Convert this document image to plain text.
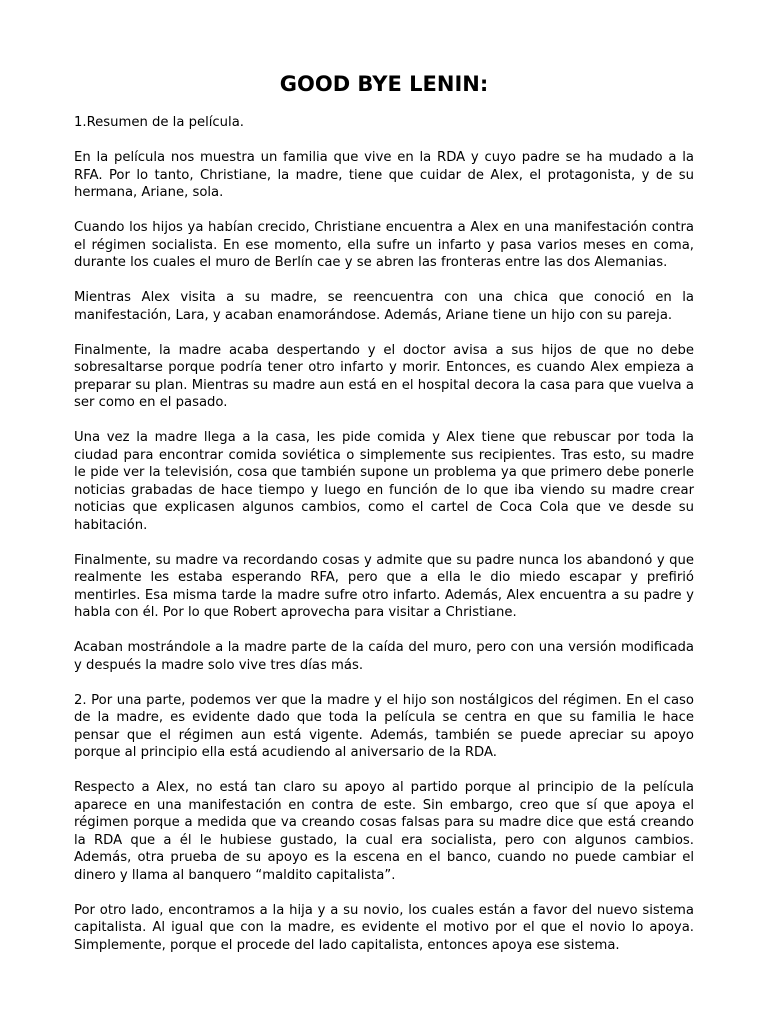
GOOD BYE LENIN:

1.Resumen de la película.

En la película nos muestra un familia que vive en la RDA y cuyo padre se ha mudado a la RFA. Por lo tanto, Christiane, la madre, tiene que cuidar de Alex, el protagonista, y de su hermana, Ariane, sola.

Cuando los hijos ya habían crecido, Christiane encuentra a Alex en una manifestación contra el régimen socialista. En ese momento, ella sufre un infarto y pasa varios meses en coma, durante los cuales el muro de Berlín cae y se abren las fronteras entre las dos Alemanias.

Mientras Alex visita a su madre, se reencuentra con una chica que conoció en la manifestación, Lara, y acaban enamorándose. Además, Ariane tiene un hijo con su pareja.

Finalmente, la madre acaba despertando y el doctor avisa a sus hijos de que no debe sobresaltarse porque podría tener otro infarto y morir. Entonces, es cuando Alex empieza a preparar su plan. Mientras su madre aun está en el hospital decora la casa para que vuelva a ser como en el pasado.

Una vez la madre llega a la casa, les pide comida y Alex tiene que rebuscar por toda la ciudad para encontrar comida soviética o simplemente sus recipientes. Tras esto, su madre le pide ver la televisión, cosa que también supone un problema ya que primero debe ponerle noticias grabadas de hace tiempo y luego en función de lo que iba viendo su madre crear noticias que explicasen algunos cambios, como el cartel de Coca Cola que ve desde su habitación.

Finalmente, su madre va recordando cosas y admite que su padre nunca los abandonó y que realmente les estaba esperando RFA, pero que a ella le dio miedo escapar y prefirió mentirles. Esa misma tarde la madre sufre otro infarto. Además, Alex encuentra a su padre y habla con él. Por lo que Robert aprovecha para visitar a Christiane.

Acaban mostrándole a la madre parte de la caída del muro, pero con una versión modificada y después la madre solo vive tres días más.

2. Por una parte, podemos ver que la madre y el hijo son nostálgicos del régimen. En el caso de la madre, es evidente dado que toda la película se centra en que su familia le hace pensar que el régimen aun está vigente. Además, también se puede apreciar su apoyo porque al principio ella está acudiendo al aniversario de la RDA.

Respecto a Alex, no está tan claro su apoyo al partido porque al principio de la película aparece en una manifestación en contra de este. Sin embargo, creo que sí que apoya el régimen porque a medida que va creando cosas falsas para su madre dice que está creando la RDA que a él le hubiese gustado, la cual era socialista, pero con algunos cambios. Además, otra prueba de su apoyo es la escena en el banco, cuando no puede cambiar el dinero y llama al banquero “maldito capitalista”.

Por otro lado, encontramos a la hija y a su novio, los cuales están a favor del nuevo sistema capitalista. Al igual que con la madre, es evidente el motivo por el que el novio lo apoya. Simplemente, porque el procede del lado capitalista, entonces apoya ese sistema.
